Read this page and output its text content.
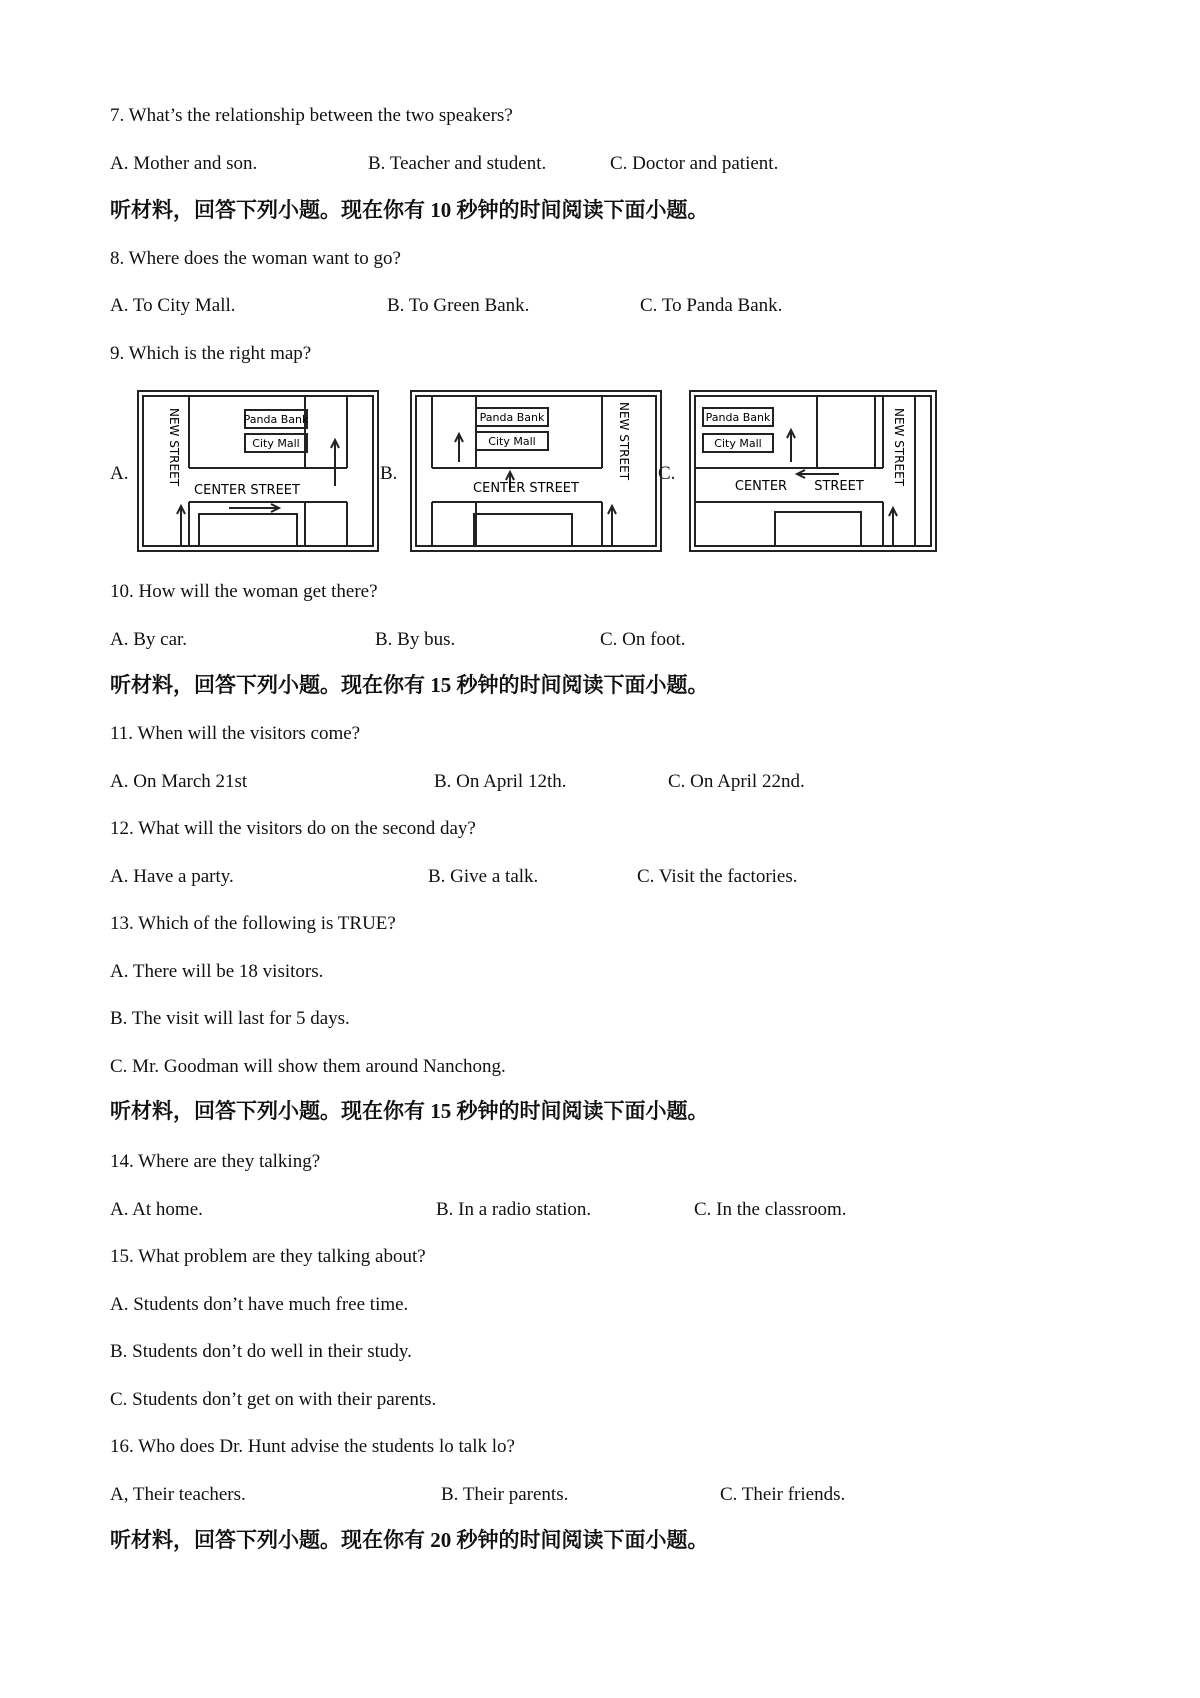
7. What’s the relationship between the two speakers?
A. Mother and son.	B. Teacher and student.	C. Doctor and patient.
听材料，回答下列小题。现在你有 10 秒钟的时间阅读下面小题。
8. Where does the woman want to go?
A. To City Mall.	B. To Green Bank.	C. To Panda Bank.
9. Which is the right map?
A.	B.	C.
Panda Bank
City Mall
CENTER STREET
NEW STREET	Panda Bank
City Mall
CENTER STREET
NEW STREET	Panda Bank
City Mall
CENTER STREET
NEW STREET
10. How will the woman get there?
A. By car.	B. By bus.	C. On foot.
听材料，回答下列小题。现在你有 15 秒钟的时间阅读下面小题。
11. When will the visitors come?
A. On March 21st	B. On April 12th.	C. On April 22nd.
12. What will the visitors do on the second day?
A. Have a party.	B. Give a talk.	C. Visit the factories.
13. Which of the following is TRUE?
A. There will be 18 visitors.
B. The visit will last for 5 days.
C. Mr. Goodman will show them around Nanchong.
听材料，回答下列小题。现在你有 15 秒钟的时间阅读下面小题。
14. Where are they talking?
A. At home.	B. In a radio station.	C. In the classroom.
15. What problem are they talking about?
A. Students don’t have much free time.
B. Students don’t do well in their study.
C. Students don’t get on with their parents.
16. Who does Dr. Hunt advise the students lo talk lo?
A, Their teachers.	B. Their parents.	C. Their friends.
听材料，回答下列小题。现在你有 20 秒钟的时间阅读下面小题。
